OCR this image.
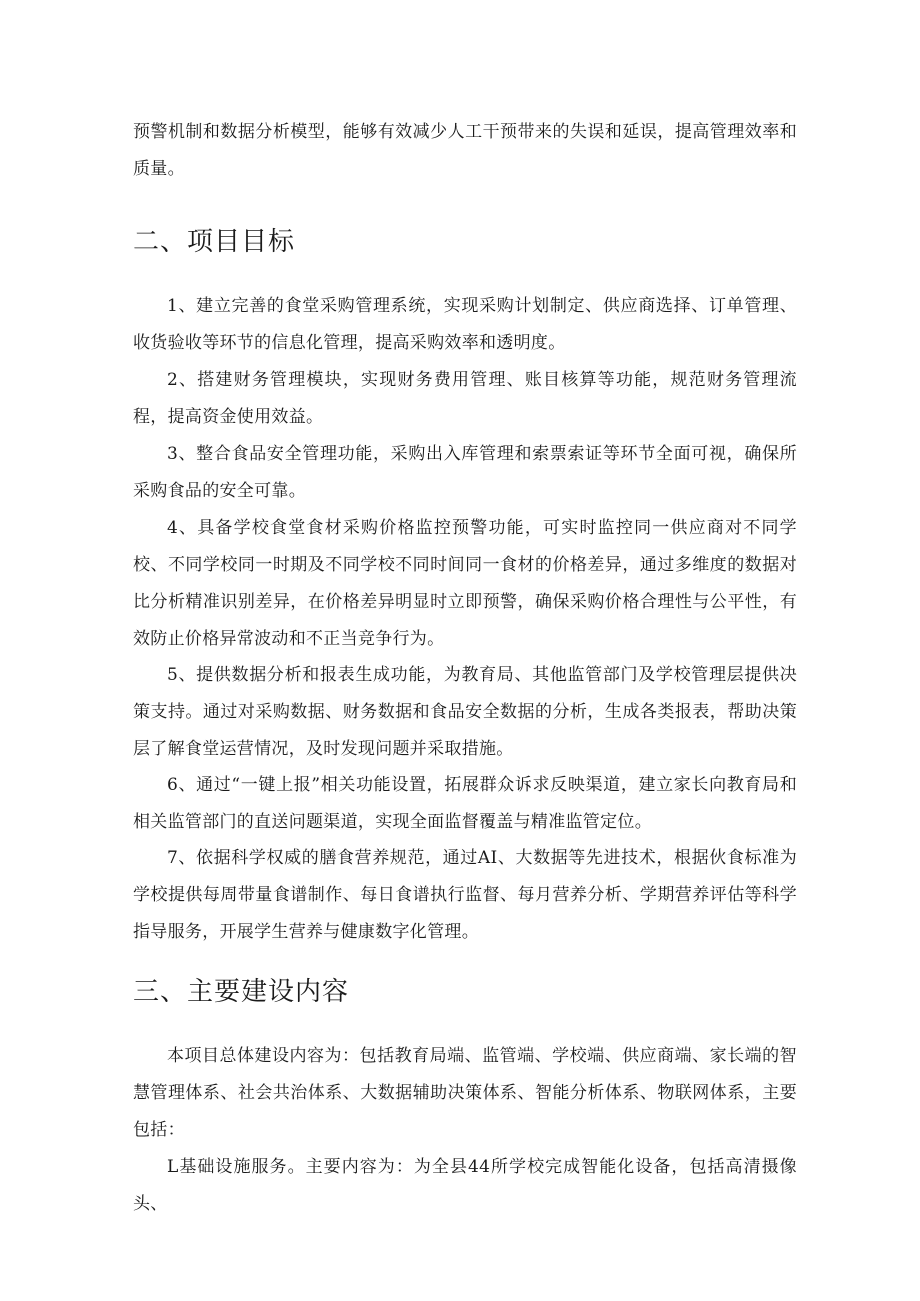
预警机制和数据分析模型，能够有效减少人工干预带来的失误和延误，提高管理效率和质量。

二、项目目标

1、建立完善的食堂采购管理系统，实现采购计划制定、供应商选择、订单管理、收货验收等环节的信息化管理，提高采购效率和透明度。

2、搭建财务管理模块，实现财务费用管理、账目核算等功能，规范财务管理流程，提高资金使用效益。

3、整合食品安全管理功能，采购出入库管理和索票索证等环节全面可视，确保所采购食品的安全可靠。

4、具备学校食堂食材采购价格监控预警功能，可实时监控同一供应商对不同学校、不同学校同一时期及不同学校不同时间同一食材的价格差异，通过多维度的数据对比分析精准识别差异，在价格差异明显时立即预警，确保采购价格合理性与公平性，有效防止价格异常波动和不正当竞争行为。

5、提供数据分析和报表生成功能，为教育局、其他监管部门及学校管理层提供决策支持。通过对采购数据、财务数据和食品安全数据的分析，生成各类报表，帮助决策层了解食堂运营情况，及时发现问题并采取措施。

6、通过“一键上报”相关功能设置，拓展群众诉求反映渠道，建立家长向教育局和相关监管部门的直送问题渠道，实现全面监督覆盖与精准监管定位。

7、依据科学权威的膳食营养规范，通过AI、大数据等先进技术，根据伙食标准为学校提供每周带量食谱制作、每日食谱执行监督、每月营养分析、学期营养评估等科学指导服务，开展学生营养与健康数字化管理。

三、主要建设内容

本项目总体建设内容为：包括教育局端、监管端、学校端、供应商端、家长端的智慧管理体系、社会共治体系、大数据辅助决策体系、智能分析体系、物联网体系，主要包括：

L基础设施服务。主要内容为：为全县44所学校完成智能化设备，包括高清摄像头、
